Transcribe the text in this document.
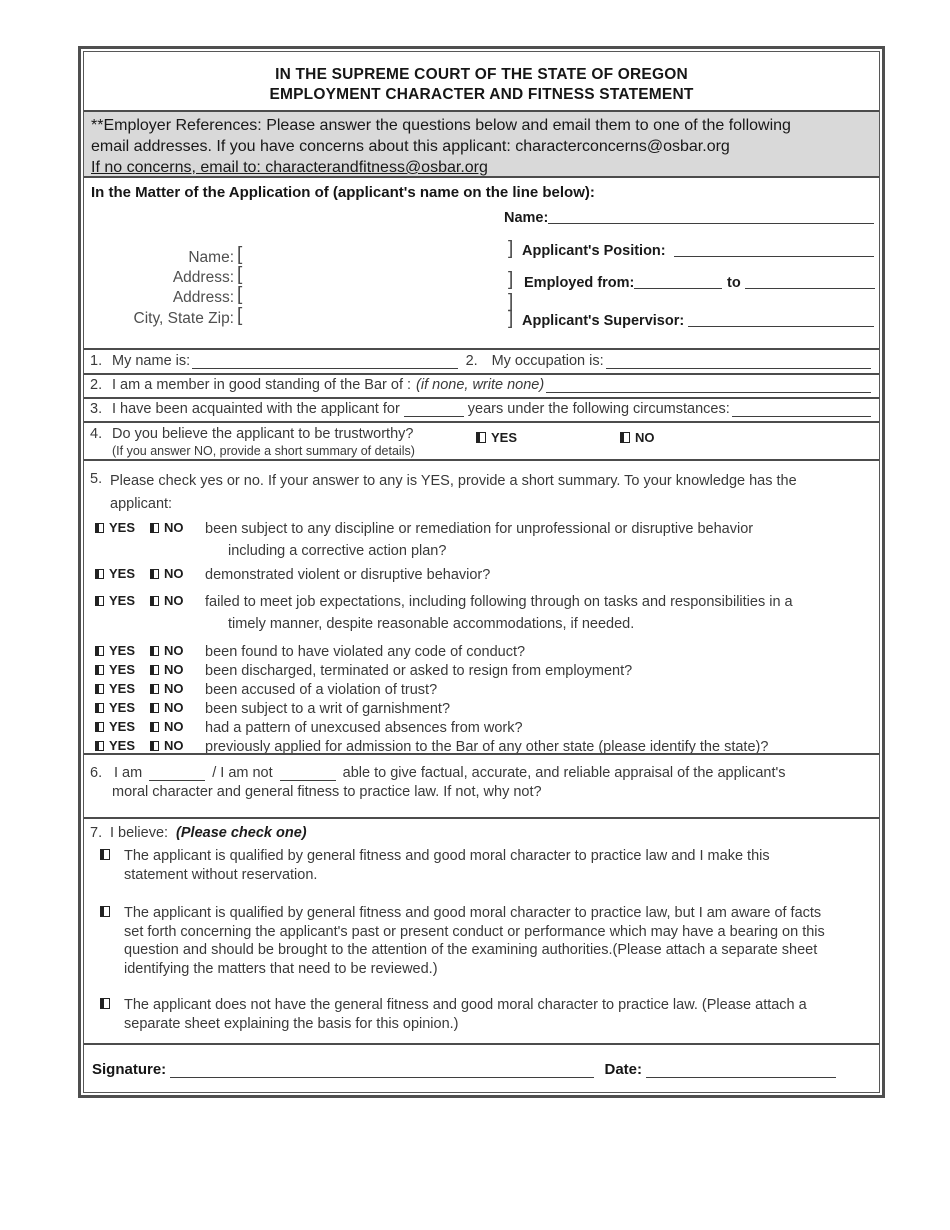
IN THE SUPREME COURT OF THE STATE OF OREGON
EMPLOYMENT CHARACTER AND FITNESS STATEMENT
**Employer References: Please answer the questions below and email them to one of the following
email addresses. If you have concerns about this applicant: characterconcerns@osbar.org
If no concerns, email to: characterandfitness@osbar.org
In the Matter of the Application of (applicant's name on the line below):
Name: [
Address: [
Address: [
City, State Zip: [
Name:
] Applicant's Position:
] Employed from:	to
]
] Applicant's Supervisor:
1. My name is:	2. My occupation is:
2. I am a member in good standing of the Bar of : (if none, write none)
3. I have been acquainted with the applicant for	years under the following circumstances:
4. Do you believe the applicant to be trustworthy?
(If you answer NO, provide a short summary of details)
YES	NO
5. Please check yes or no. If your answer to any is YES, provide a short summary. To your knowledge has the
applicant:
YES NO been subject to any discipline or remediation for unprofessional or disruptive behavior
including a corrective action plan?
YES NO demonstrated violent or disruptive behavior?
YES NO failed to meet job expectations, including following through on tasks and responsibilities in a
timely manner, despite reasonable accommodations, if needed.
YES NO been found to have violated any code of conduct?
YES NO been discharged, terminated or asked to resign from employment?
YES NO been accused of a violation of trust?
YES NO been subject to a writ of garnishment?
YES NO had a pattern of unexcused absences from work?
YES NO previously applied for admission to the Bar of any other state (please identify the state)?
6. I am	/ I am not	able to give factual, accurate, and reliable appraisal of the applicant's
moral character and general fitness to practice law. If not, why not?
7. I believe: (Please check one)
The applicant is qualified by general fitness and good moral character to practice law and I make this
statement without reservation.
The applicant is qualified by general fitness and good moral character to practice law, but I am aware of facts
set forth concerning the applicant's past or present conduct or performance which may have a bearing on this
question and should be brought to the attention of the examining authorities.(Please attach a separate sheet
identifying the matters that need to be reviewed.)
The applicant does not have the general fitness and good moral character to practice law. (Please attach a
separate sheet explaining the basis for this opinion.)
Signature:	Date:
